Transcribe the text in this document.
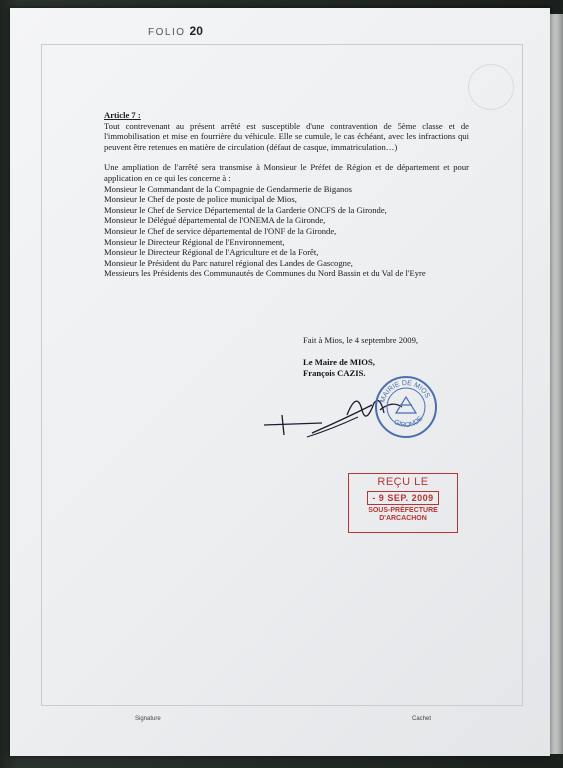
FOLIO 20
Article 7 :
Tout contrevenant au présent arrêté est susceptible d'une contravention de 5ème classe et de l'immobilisation et mise en fourrière du véhicule. Elle se cumule, le cas échéant, avec les infractions qui peuvent être retenues en matière de circulation (défaut de casque, immatriculation…)
Une ampliation de l'arrêté sera transmise à Monsieur le Préfet de Région et de département et pour application en ce qui les concerne à :
Monsieur le Commandant de la Compagnie de Gendarmerie de Biganos
Monsieur le Chef de poste de police municipal de Mios,
Monsieur le Chef de Service Départemental de la Garderie ONCFS de la Gironde,
Monsieur le Délégué départemental de l'ONEMA de la Gironde,
Monsieur le Chef de service départemental de l'ONF de la Gironde,
Monsieur le Directeur Régional de l'Environnement,
Monsieur le Directeur Régional de l'Agriculture et de la Forêt,
Monsieur le Président du Parc naturel régional des Landes de Gascogne,
Messieurs les Présidents des Communautés de Communes du Nord Bassin et du Val de l'Eyre
Fait à Mios, le 4 septembre 2009,
Le Maire de MIOS,
François CAZIS.
MAIRIE DE MIOS
GIRONDE
REÇU LE
- 9 SEP. 2009
SOUS-PRÉFECTURE
D'ARCACHON
Signature	Cachet
